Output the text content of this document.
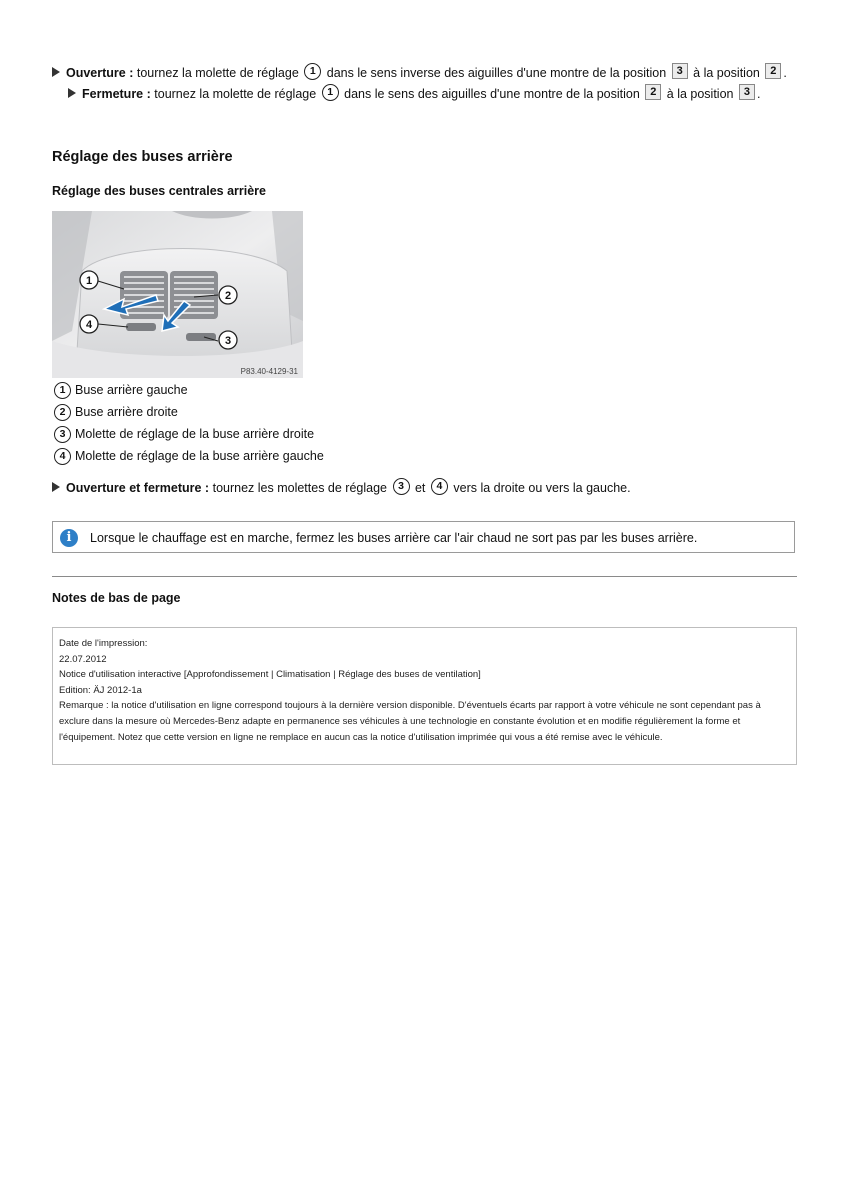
Ouverture : tournez la molette de réglage 1 dans le sens inverse des aiguilles d'une montre de la position 3 à la position 2 .
Fermeture : tournez la molette de réglage 1 dans le sens des aiguilles d'une montre de la position 2 à la position 3 .
Réglage des buses arrière
Réglage des buses centrales arrière
1
2
3
4
P83.40-4129-31
1 Buse arrière gauche
2 Buse arrière droite
3 Molette de réglage de la buse arrière droite
4 Molette de réglage de la buse arrière gauche
Ouverture et fermeture : tournez les molettes de réglage 3 et 4 vers la droite ou vers la gauche.
i	Lorsque le chauffage est en marche, fermez les buses arrière car l'air chaud ne sort pas par les buses arrière.
Notes de bas de page
Date de l'impression:
22.07.2012
Notice d'utilisation interactive [Approfondissement | Climatisation | Réglage des buses de ventilation]
Edition: ÄJ 2012-1a
Remarque : la notice d'utilisation en ligne correspond toujours à la dernière version disponible. D'éventuels écarts par rapport à votre véhicule ne sont cependant pas à exclure dans la mesure où Mercedes-Benz adapte en permanence ses véhicules à une technologie en constante évolution et en modifie régulièrement la forme et l'équipement. Notez que cette version en ligne ne remplace en aucun cas la notice d'utilisation imprimée qui vous a été remise avec le véhicule.
